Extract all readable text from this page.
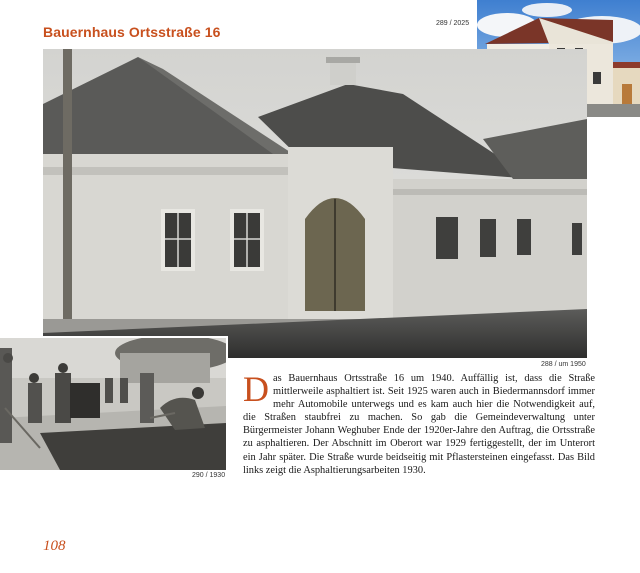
Bauernhaus Ortsstraße 16
289 / 2025
288 / um 1950
290 / 1930
Das Bauernhaus Ortsstraße 16 um 1940. Auffällig ist, dass die Straße mittlerweile asphaltiert ist. Seit 1925 waren auch in Biedermannsdorf immer mehr Automobile unterwegs und es kam auch hier die Notwendigkeit auf, die Straßen staubfrei zu machen. So gab die Gemeindeverwaltung unter Bürgermeister Johann Weghuber Ende der 1920er-Jahre den Auftrag, die Ortsstraße zu asphaltieren. Der Abschnitt im Oberort war 1929 fertiggestellt, der im Unterort ein Jahr später. Die Straße wurde beidseitig mit Pflastersteinen eingefasst. Das Bild links zeigt die Asphaltierungsarbeiten 1930.
108
